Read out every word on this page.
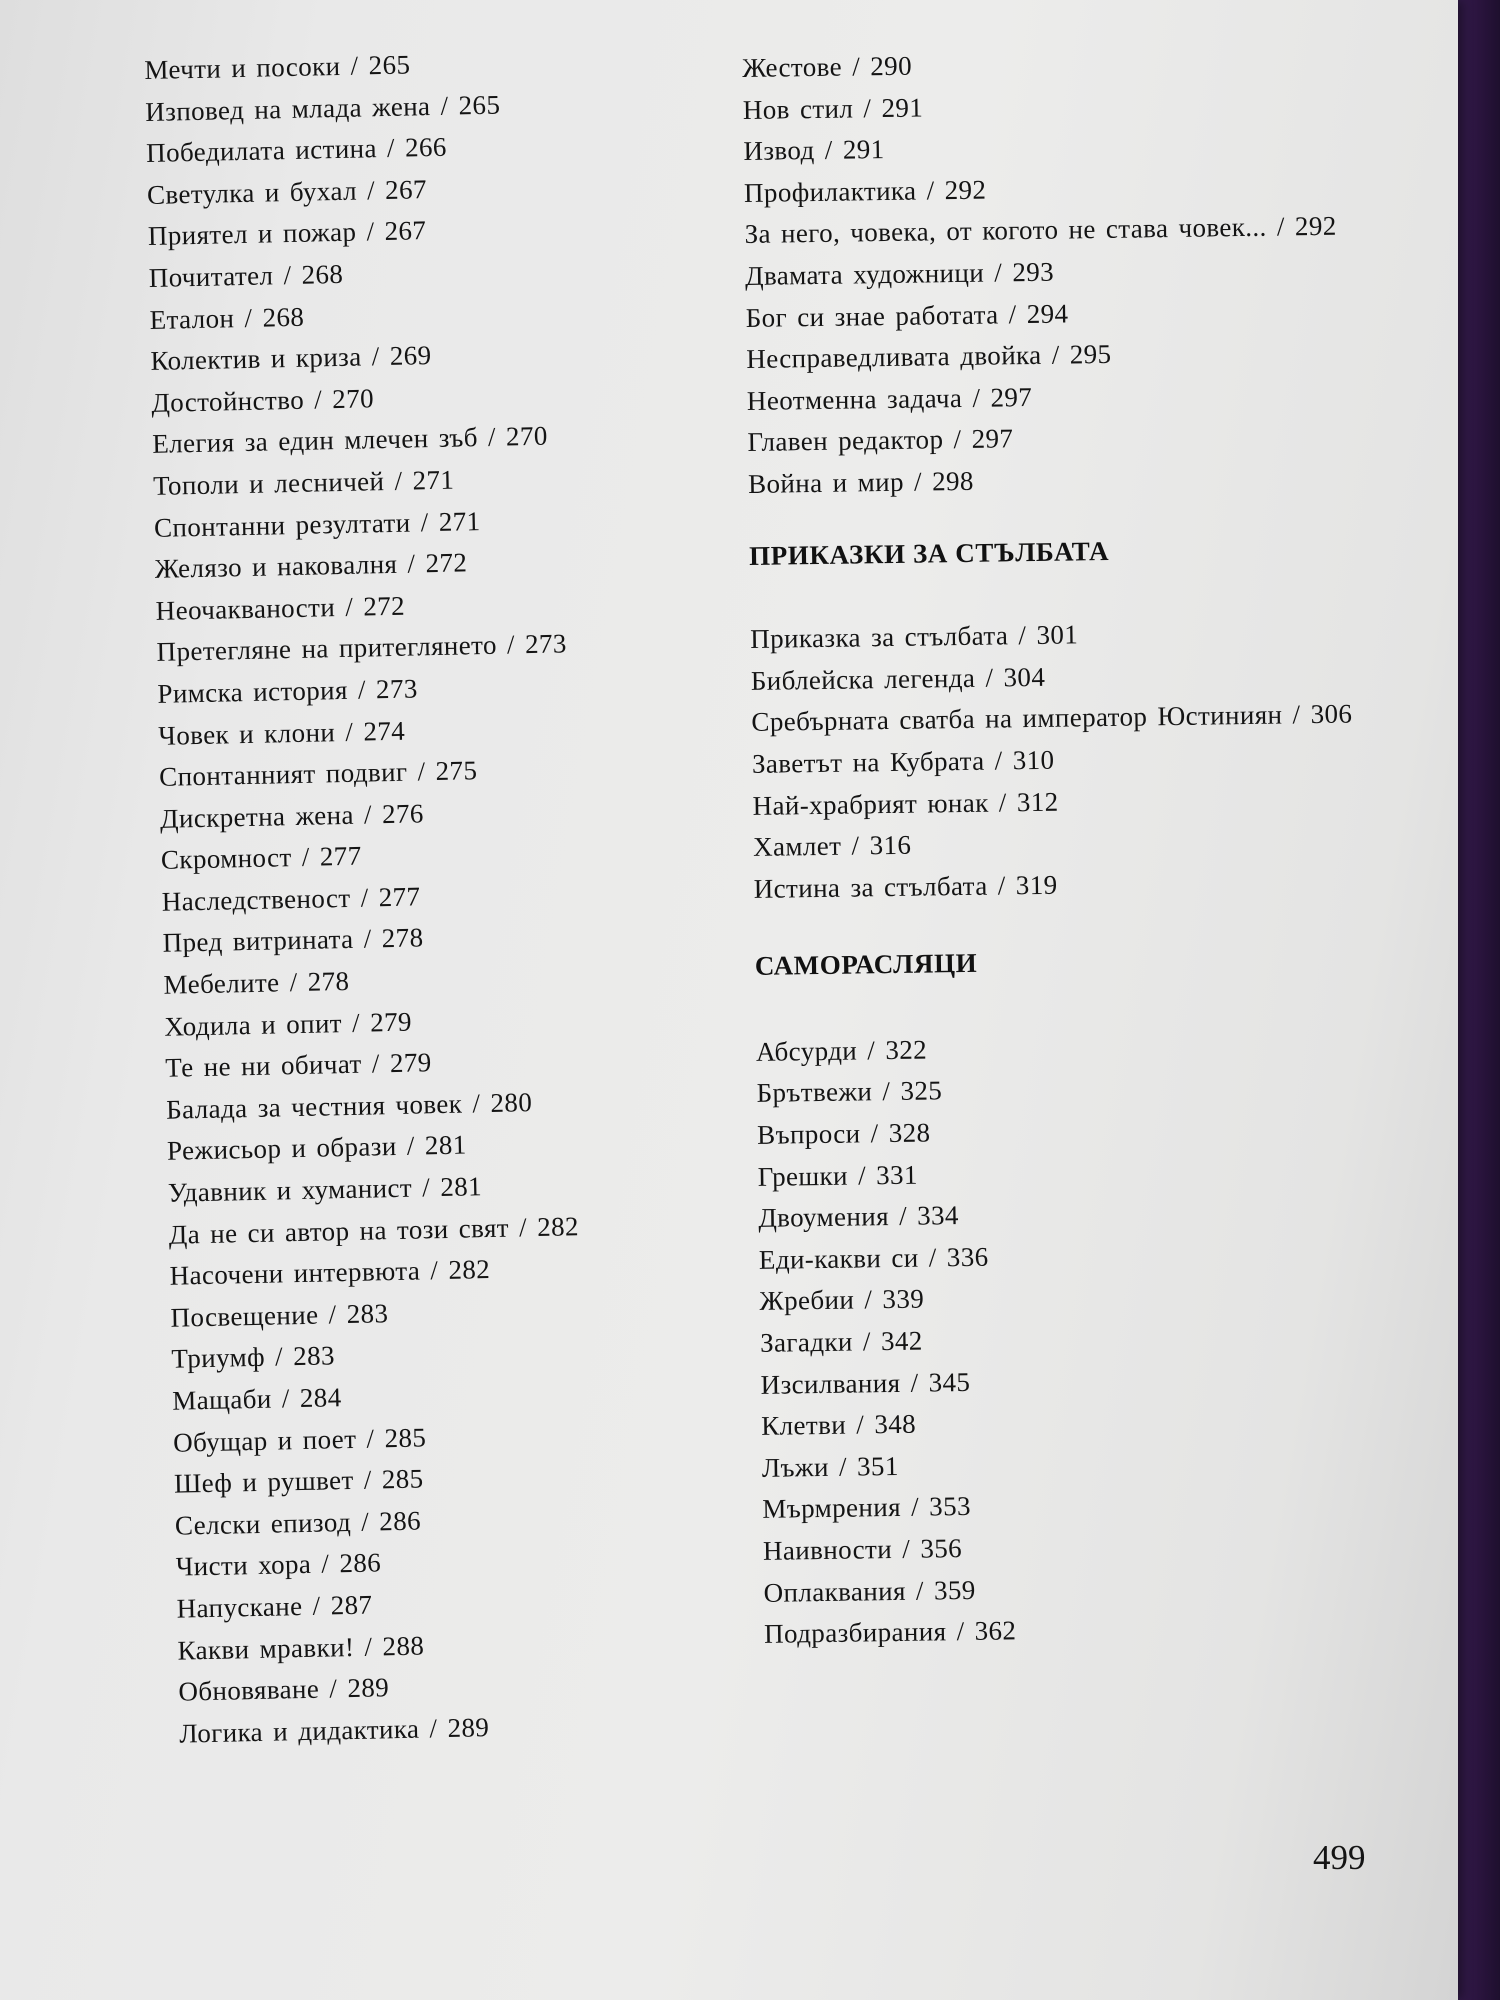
Мечти и посоки / 265
Изповед на млада жена / 265
Победилата истина / 266
Светулка и бухал / 267
Приятел и пожар / 267
Почитател / 268
Еталон / 268
Колектив и криза / 269
Достойнство / 270
Елегия за един млечен зъб / 270
Тополи и лесничей / 271
Спонтанни резултати / 271
Желязо и наковалня / 272
Неочакваности / 272
Претегляне на притеглянето / 273
Римска история / 273
Човек и клони / 274
Спонтанният подвиг / 275
Дискретна жена / 276
Скромност / 277
Наследственост / 277
Пред витрината / 278
Мебелите / 278
Ходила и опит / 279
Те не ни обичат / 279
Балада за честния човек / 280
Режисьор и образи / 281
Удавник и хуманист / 281
Да не си автор на този свят / 282
Насочени интервюта / 282
Посвещение / 283
Триумф / 283
Мащаби / 284
Обущар и поет / 285
Шеф и рушвет / 285
Селски епизод / 286
Чисти хора / 286
Напускане / 287
Какви мравки! / 288
Обновяване / 289
Логика и дидактика / 289
Жестове / 290
Нов стил / 291
Извод / 291
Профилактика / 292
За него, човека, от когото не става човек... / 292
Двамата художници / 293
Бог си знае работата / 294
Несправедливата двойка / 295
Неотменна задача / 297
Главен редактор / 297
Война и мир / 298
ПРИКАЗКИ ЗА СТЪЛБАТА
Приказка за стълбата / 301
Библейска легенда / 304
Сребърната сватба на император Юстиниян / 306
Заветът на Кубрата / 310
Най-храбрият юнак / 312
Хамлет / 316
Истина за стълбата / 319
САМОРАСЛЯЦИ
Абсурди / 322
Брътвежи / 325
Въпроси / 328
Грешки / 331
Двоумения / 334
Еди-какви си / 336
Жребии / 339
Загадки / 342
Изсилвания / 345
Клетви / 348
Лъжи / 351
Мърмрения / 353
Наивности / 356
Оплаквания / 359
Подразбирания / 362
499
